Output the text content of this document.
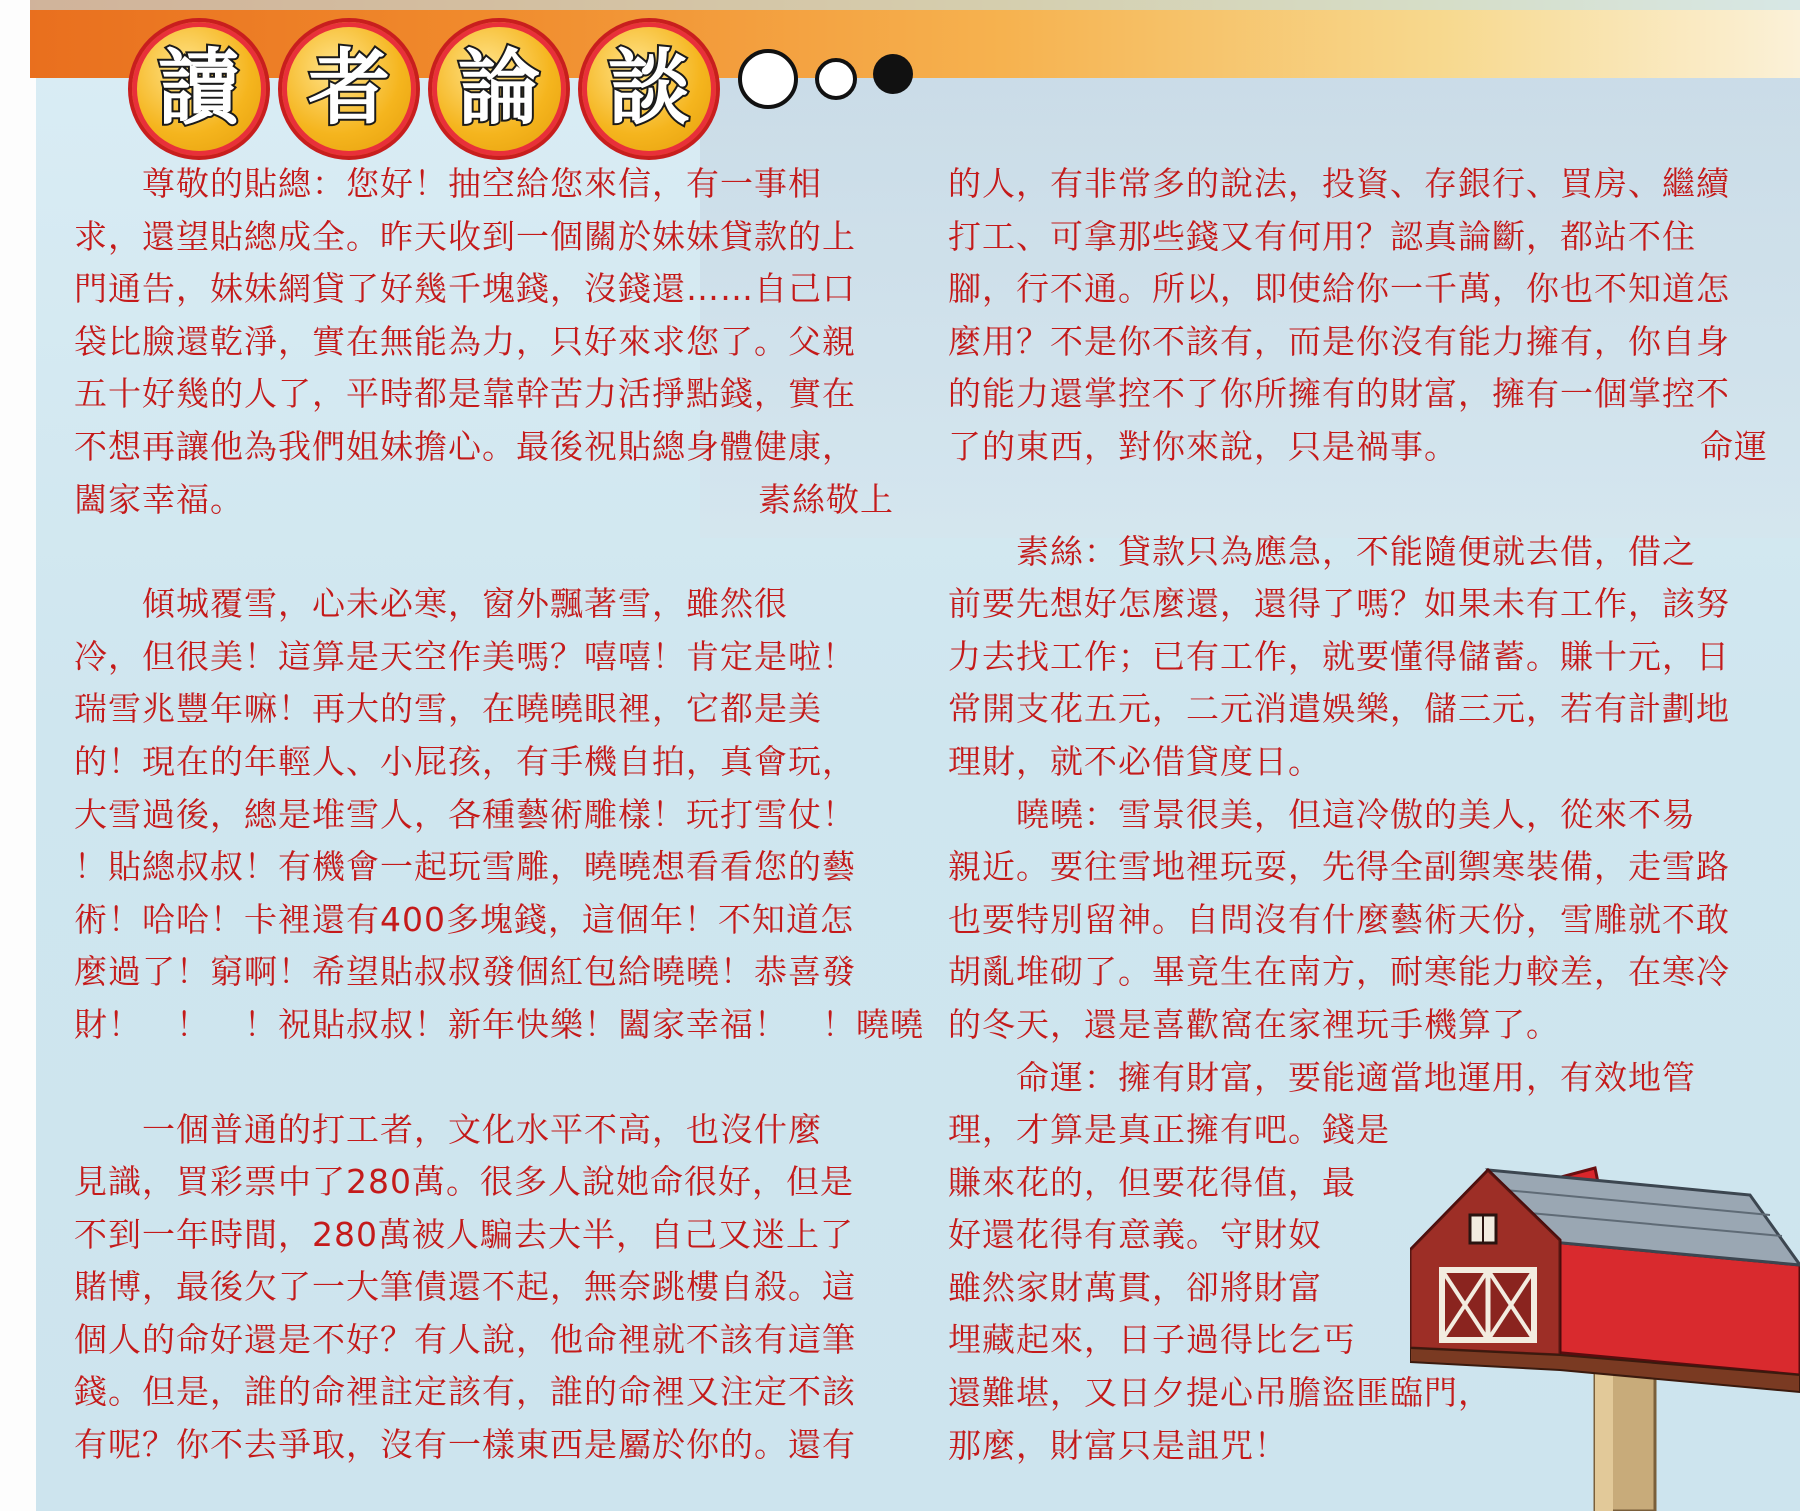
讀 者 論 談

　　尊敬的貼總：您好！抽空給您來信，有一事相

求，還望貼總成全。昨天收到一個關於妹妹貸款的上

門通告，妹妹網貸了好幾千塊錢，沒錢還……自己口

袋比臉還乾淨，實在無能為力，只好來求您了。父親

五十好幾的人了，平時都是靠幹苦力活掙點錢，實在

不想再讓他為我們姐妹擔心。最後祝貼總身體健康，

闔家幸福。	素絲敬上

　　傾城覆雪，心未必寒，窗外飄著雪，雖然很

冷，但很美！這算是天空作美嗎？嘻嘻！肯定是啦！

瑞雪兆豐年嘛！再大的雪，在曉曉眼裡，它都是美

的！現在的年輕人、小屁孩，有手機自拍，真會玩，

大雪過後，總是堆雪人，各種藝術雕樣！玩打雪仗！

！貼總叔叔！有機會一起玩雪雕，曉曉想看看您的藝

術！哈哈！卡裡還有400多塊錢，這個年！不知道怎

麼過了！窮啊！希望貼叔叔發個紅包給曉曉！恭喜發

財！　！　！祝貼叔叔！新年快樂！闔家幸福！　！曉曉

　　一個普通的打工者，文化水平不高，也沒什麼

見識，買彩票中了280萬。很多人說她命很好，但是

不到一年時間，280萬被人騙去大半，自己又迷上了

賭博，最後欠了一大筆債還不起，無奈跳樓自殺。這

個人的命好還是不好？有人說，他命裡就不該有這筆

錢。但是，誰的命裡註定該有，誰的命裡又注定不該

有呢？你不去爭取，沒有一樣東西是屬於你的。還有

的人，有非常多的說法，投資、存銀行、買房、繼續

打工、可拿那些錢又有何用？認真論斷，都站不住

腳，行不通。所以，即使給你一千萬，你也不知道怎

麼用？不是你不該有，而是你沒有能力擁有，你自身

的能力還掌控不了你所擁有的財富，擁有一個掌控不

了的東西，對你來說，只是禍事。	命運

　　素絲：貸款只為應急，不能隨便就去借，借之

前要先想好怎麼還，還得了嗎？如果未有工作，該努

力去找工作；已有工作，就要懂得儲蓄。賺十元，日

常開支花五元，二元消遣娛樂，儲三元，若有計劃地

理財，就不必借貸度日。

　　曉曉：雪景很美，但這冷傲的美人，從來不易

親近。要往雪地裡玩耍，先得全副禦寒裝備，走雪路

也要特別留神。自問沒有什麼藝術天份，雪雕就不敢

胡亂堆砌了。畢竟生在南方，耐寒能力較差，在寒冷

的冬天，還是喜歡窩在家裡玩手機算了。

　　命運：擁有財富，要能適當地運用，有效地管

理，才算是真正擁有吧。錢是

賺來花的，但要花得值，最

好還花得有意義。守財奴

雖然家財萬貫，卻將財富

埋藏起來，日子過得比乞丐

還難堪，又日夕提心吊膽盜匪臨門，

那麼，財富只是詛咒！
